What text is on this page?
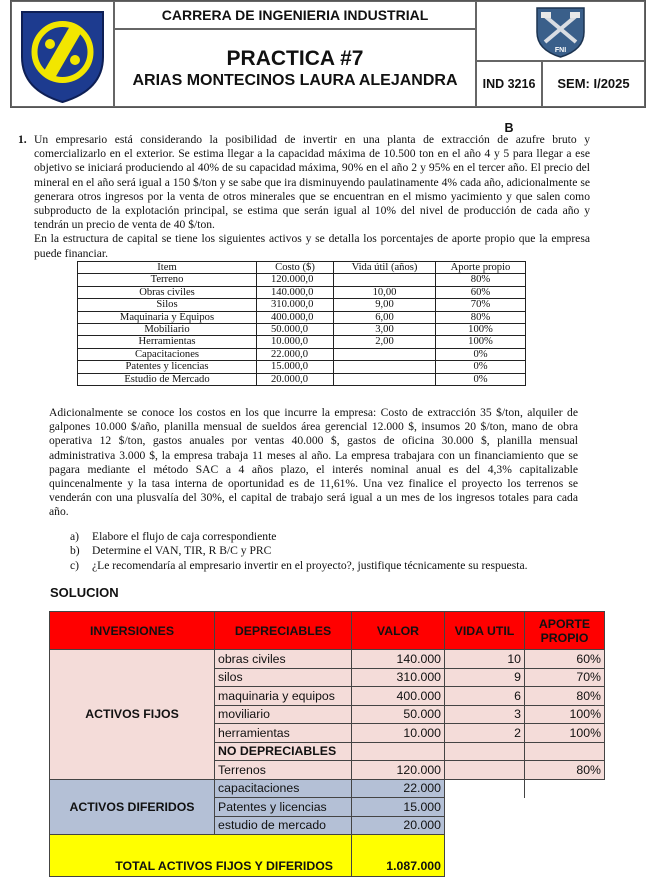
CARRERA DE INGENIERIA INDUSTRIAL
PRACTICA #7
ARIAS MONTECINOS LAURA ALEJANDRA
FNI
IND 3216 B
SEM: I/2025
1. Un empresario está considerando la posibilidad de invertir en una planta de extracción de azufre bruto y comercializarlo en el exterior. Se estima llegar a la capacidad máxima de 10.500 ton en el año 4 y 5 para llegar a ese objetivo se iniciará produciendo al 40% de su capacidad máxima, 90% en el año 2 y 95% en el tercer año. El precio del mineral en el año será igual a 150 $/ton y se sabe que ira disminuyendo paulatinamente 4% cada año, adicionalmente se generara otros ingresos por la venta de otros minerales que se encuentran en el mismo yacimiento y que salen como subproducto de la explotación principal, se estima que serán igual al 10% del nivel de producción de cada año y tendrán un precio de venta de 40 $/ton.
En la estructura de capital se tiene los siguientes activos y se detalla los porcentajes de aporte propio que la empresa puede financiar.
Item	Costo ($)	Vida útil (años)	Aporte propio
Terreno	120.000,0		80%
Obras civiles	140.000,0	10,00	60%
Silos	310.000,0	9,00	70%
Maquinaria y Equipos	400.000,0	6,00	80%
Mobiliario	50.000,0	3,00	100%
Herramientas	10.000,0	2,00	100%
Capacitaciones	22.000,0		0%
Patentes y licencias	15.000,0		0%
Estudio de Mercado	20.000,0		0%
Adicionalmente se conoce los costos en los que incurre la empresa: Costo de extracción 35 $/ton, alquiler de galpones 10.000 $/año, planilla mensual de sueldos área gerencial 12.000 $, insumos 20 $/ton, mano de obra operativa 12 $/ton, gastos anuales por ventas 40.000 $, gastos de oficina 30.000 $, planilla mensual administrativa 3.000 $, la empresa trabaja 11 meses al año. La empresa trabajara con un financiamiento que se pagara mediante el método SAC a 4 años plazo, el interés nominal anual es del 4,3% capitalizable quincenalmente y la tasa interna de oportunidad es de 11,61%. Una vez finalice el proyecto los terrenos se venderán con una plusvalía del 30%, el capital de trabajo será igual a un mes de los ingresos totales para cada año.
a) Elabore el flujo de caja correspondiente
b) Determine el VAN, TIR, R B/C y PRC
c) ¿Le recomendaría al empresario invertir en el proyecto?, justifique técnicamente su respuesta.
SOLUCION
INVERSIONES	DEPRECIABLES	VALOR	VIDA UTIL	APORTE PROPIO
ACTIVOS FIJOS	obras civiles	140.000	10	60%
	silos	310.000	9	70%
	maquinaria y equipos	400.000	6	80%
	moviliario	50.000	3	100%
	herramientas	10.000	2	100%
	NO DEPRECIABLES			
	Terrenos	120.000		80%
ACTIVOS DIFERIDOS	capacitaciones	22.000		
	Patentes y licencias	15.000		
	estudio de mercado	20.000		
TOTAL ACTIVOS FIJOS Y DIFERIDOS		1.087.000		
